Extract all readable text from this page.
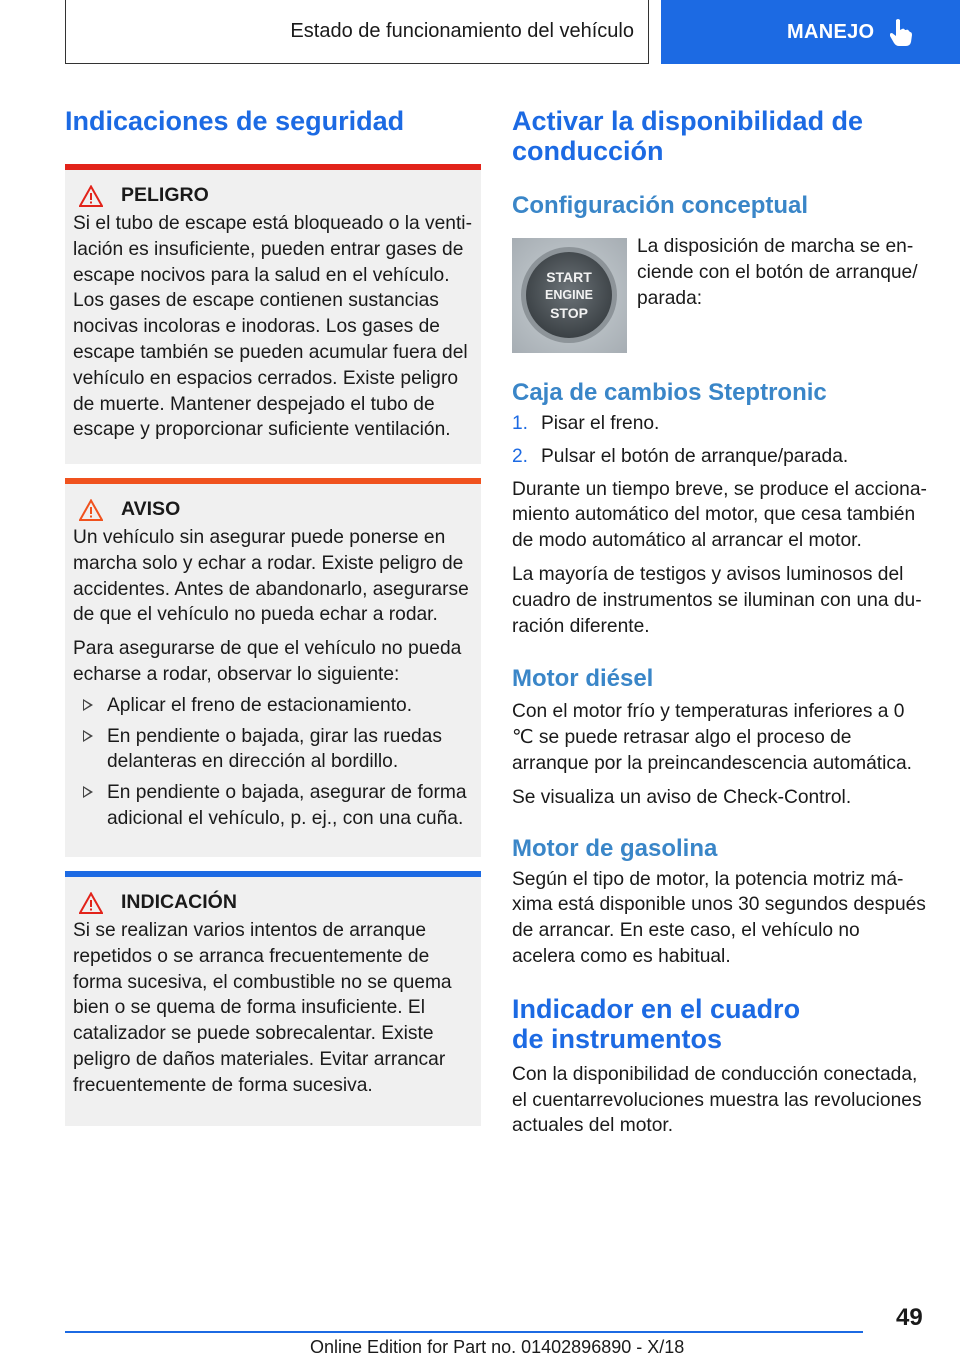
Estado de funcionamiento del vehículo	MANEJO
Indicaciones de seguridad
PELIGRO

Si el tubo de escape está bloqueado o la ventilación es insuficiente, pueden entrar gases de escape nocivos para la salud en el vehículo. Los gases de escape contienen sustancias nocivas incoloras e inodoras. Los gases de escape también se pueden acumular fuera del vehículo en espacios cerrados. Existe peligro de muerte. Mantener despejado el tubo de escape y proporcionar suficiente ventilación.

AVISO

Un vehículo sin asegurar puede ponerse en marcha solo y echar a rodar. Existe peligro de accidentes. Antes de abandonarlo, asegurarse de que el vehículo no pueda echar a rodar.

Para asegurarse de que el vehículo no pueda echarse a rodar, observar lo siguiente:

Aplicar el freno de estacionamiento.
En pendiente o bajada, girar las ruedas delanteras en dirección al bordillo.
En pendiente o bajada, asegurar de forma adicional el vehículo, p. ej., con una cuña.
INDICACIÓN

Si se realizan varios intentos de arranque repetidos o se arranca frecuentemente de forma sucesiva, el combustible no se quema bien o se quema de forma insuficiente. El catalizador se puede sobrecalentar. Existe peligro de daños materiales. Evitar arrancar frecuentemente de forma sucesiva.

Activar la disponibilidad de conducción
Configuración conceptual
START
ENGINE
STOP

La disposición de marcha se enciende con el botón de arranque/ parada:

Caja de cambios Steptronic
1. Pisar el freno.
2. Pulsar el botón de arranque/parada.

Durante un tiempo breve, se produce el accionamiento automático del motor, que cesa también de modo automático al arrancar el motor.

La mayoría de testigos y avisos luminosos del cuadro de instrumentos se iluminan con una duración diferente.

Motor diésel

Con el motor frío y temperaturas inferiores a 0 ℃ se puede retrasar algo el proceso de arranque por la preincandescencia automática.

Se visualiza un aviso de Check-Control.

Motor de gasolina

Según el tipo de motor, la potencia motriz máxima está disponible unos 30 segundos después de arrancar. En este caso, el vehículo no acelera como es habitual.

Indicador en el cuadro
de instrumentos

Con la disponibilidad de conducción conectada, el cuentarrevoluciones muestra las revoluciones actuales del motor.

49
Online Edition for Part no. 01402896890 - X/18
